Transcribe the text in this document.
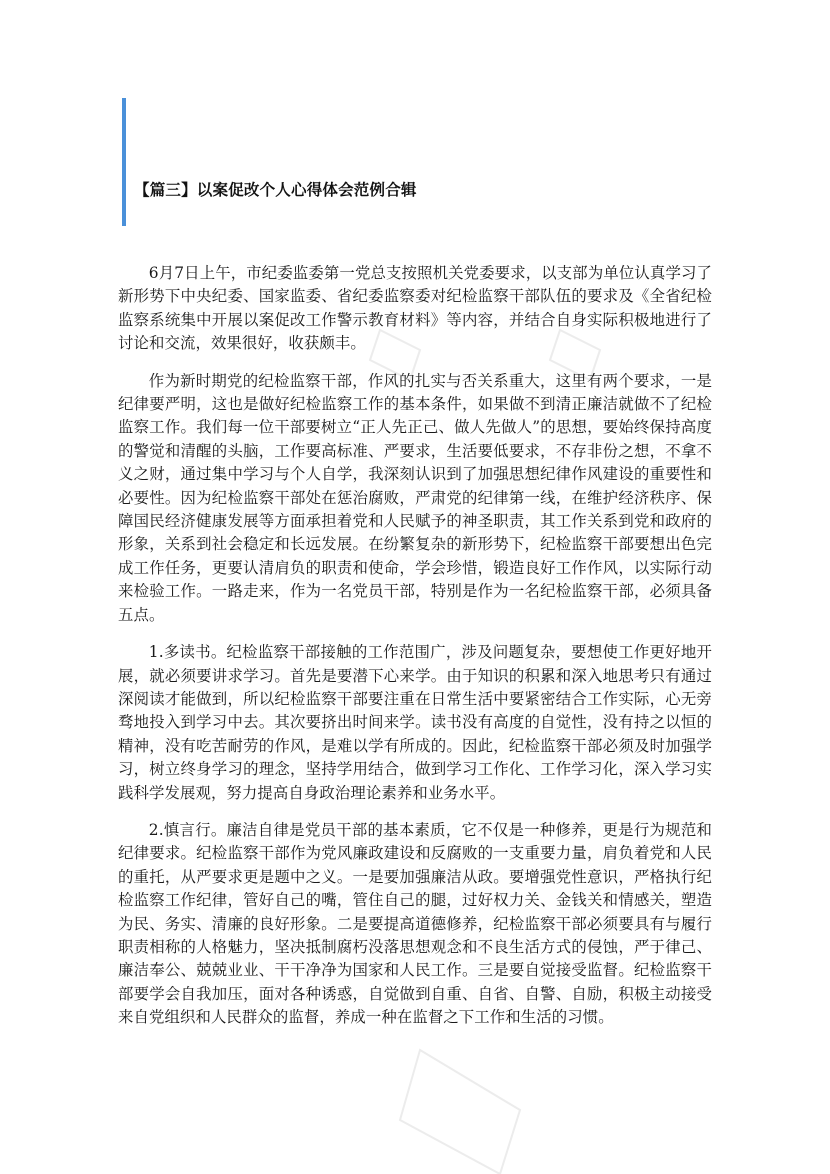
【篇三】以案促改个人心得体会范例合辑

6月7日上午，市纪委监委第一党总支按照机关党委要求，以支部为单位认真学习了新形势下中央纪委、国家监委、省纪委监察委对纪检监察干部队伍的要求及《全省纪检监察系统集中开展以案促改工作警示教育材料》等内容，并结合自身实际积极地进行了讨论和交流，效果很好，收获颇丰。

作为新时期党的纪检监察干部，作风的扎实与否关系重大，这里有两个要求，一是纪律要严明，这也是做好纪检监察工作的基本条件，如果做不到清正廉洁就做不了纪检监察工作。我们每一位干部要树立“正人先正己、做人先做人”的思想，要始终保持高度的警觉和清醒的头脑，工作要高标准、严要求，生活要低要求，不存非份之想，不拿不义之财，通过集中学习与个人自学，我深刻认识到了加强思想纪律作风建设的重要性和必要性。因为纪检监察干部处在惩治腐败，严肃党的纪律第一线，在维护经济秩序、保障国民经济健康发展等方面承担着党和人民赋予的神圣职责，其工作关系到党和政府的形象，关系到社会稳定和长远发展。在纷繁复杂的新形势下，纪检监察干部要想出色完成工作任务，更要认清肩负的职责和使命，学会珍惜，锻造良好工作作风，以实际行动来检验工作。一路走来，作为一名党员干部，特别是作为一名纪检监察干部，必须具备五点。

1.多读书。纪检监察干部接触的工作范围广，涉及问题复杂，要想使工作更好地开展，就必须要讲求学习。首先是要潜下心来学。由于知识的积累和深入地思考只有通过深阅读才能做到，所以纪检监察干部要注重在日常生活中要紧密结合工作实际，心无旁骛地投入到学习中去。其次要挤出时间来学。读书没有高度的自觉性，没有持之以恒的精神，没有吃苦耐劳的作风，是难以学有所成的。因此，纪检监察干部必须及时加强学习，树立终身学习的理念，坚持学用结合，做到学习工作化、工作学习化，深入学习实践科学发展观，努力提高自身政治理论素养和业务水平。

2.慎言行。廉洁自律是党员干部的基本素质，它不仅是一种修养，更是行为规范和纪律要求。纪检监察干部作为党风廉政建设和反腐败的一支重要力量，肩负着党和人民的重托，从严要求更是题中之义。一是要加强廉洁从政。要增强党性意识，严格执行纪检监察工作纪律，管好自己的嘴，管住自己的腿，过好权力关、金钱关和情感关，塑造为民、务实、清廉的良好形象。二是要提高道德修养，纪检监察干部必须要具有与履行职责相称的人格魅力，坚决抵制腐朽没落思想观念和不良生活方式的侵蚀，严于律己、廉洁奉公、兢兢业业、干干净净为国家和人民工作。三是要自觉接受监督。纪检监察干部要学会自我加压，面对各种诱惑，自觉做到自重、自省、自警、自励，积极主动接受来自党组织和人民群众的监督，养成一种在监督之下工作和生活的习惯。
